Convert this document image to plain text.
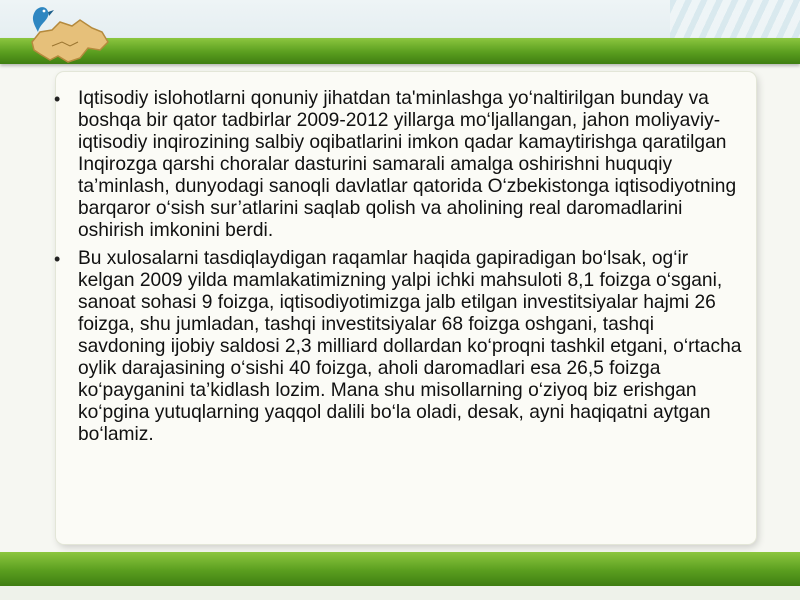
• Iqtisodiy islohotlarni qonuniy jihatdan ta'minlashga yo‘naltirilgan bunday va boshqa bir qator tadbirlar 2009-2012 yillarga mo‘ljallangan, jahon moliyaviy-iqtisodiy inqirozining salbiy oqibatlarini imkon qadar kamaytirishga qaratilgan Inqirozga qarshi choralar dasturini samarali amalga oshirishni huquqiy ta’minlash, dunyodagi sanoqli davlatlar qatorida O‘zbekistonga iqtisodiyotning barqaror o‘sish sur’atlarini saqlab qolish va aholining real daromadlarini oshirish imkonini berdi.
• Bu xulosalarni tasdiqlaydigan raqamlar haqida gapiradigan bo‘lsak, og‘ir kelgan 2009 yilda mamlakatimizning yalpi ichki mahsuloti 8,1 foizga o‘sgani, sanoat sohasi 9 foizga, iqtisodiyotimizga jalb etilgan investitsiyalar hajmi 26 foizga, shu jumladan, tashqi investitsiyalar 68 foizga oshgani, tashqi savdoning ijobiy saldosi 2,3 milliard dollardan ko‘proqni tashkil etgani, o‘rtacha oylik darajasining o‘sishi 40 foizga, aholi daromadlari esa 26,5 foizga ko‘payganini ta’kidlash lozim. Mana shu misollarning o‘ziyoq biz erishgan ko‘pgina yutuqlarning yaqqol dalili bo‘la oladi, desak, ayni haqiqatni aytgan bo‘lamiz.
